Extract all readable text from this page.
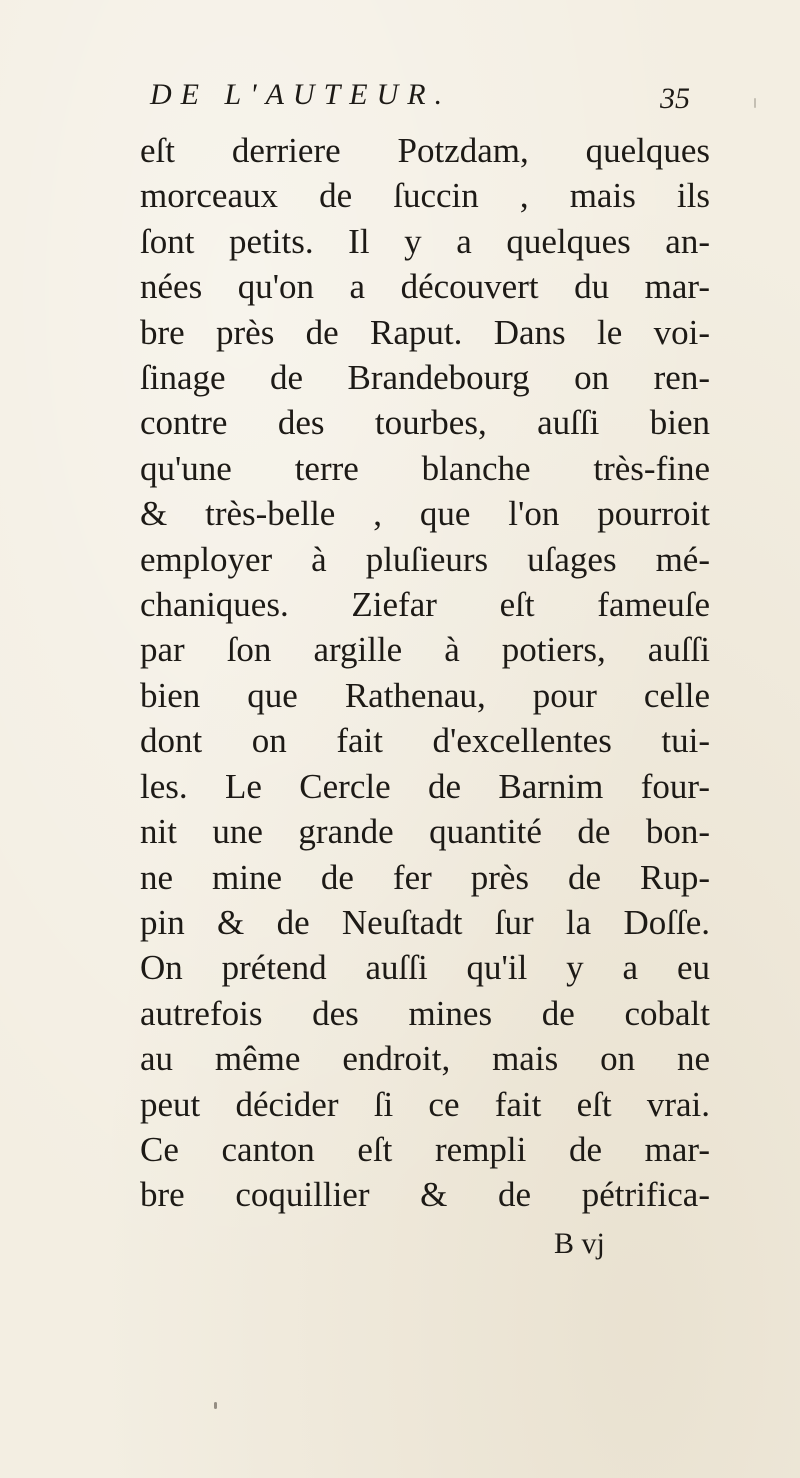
DE L'AUTEUR.	35
eſt derriere Potzdam, quelques
morceaux de ſuccin , mais ils
ſont petits. Il y a quelques an-
nées qu'on a découvert du mar-
bre près de Raput. Dans le voi-
ſinage de Brandebourg on ren-
contre des tourbes, auſſi bien
qu'une terre blanche très-fine
& très-belle , que l'on pourroit
employer à pluſieurs uſages mé-
chaniques. Ziefar eſt fameuſe
par ſon argille à potiers, auſſi
bien que Rathenau, pour celle
dont on fait d'excellentes tui-
les. Le Cercle de Barnim four-
nit une grande quantité de bon-
ne mine de fer près de Rup-
pin & de Neuſtadt ſur la Doſſe.
On prétend auſſi qu'il y a eu
autrefois des mines de cobalt
au même endroit, mais on ne
peut décider ſi ce fait eſt vrai.
Ce canton eſt rempli de mar-
bre coquillier & de pétrifica-
B vj
